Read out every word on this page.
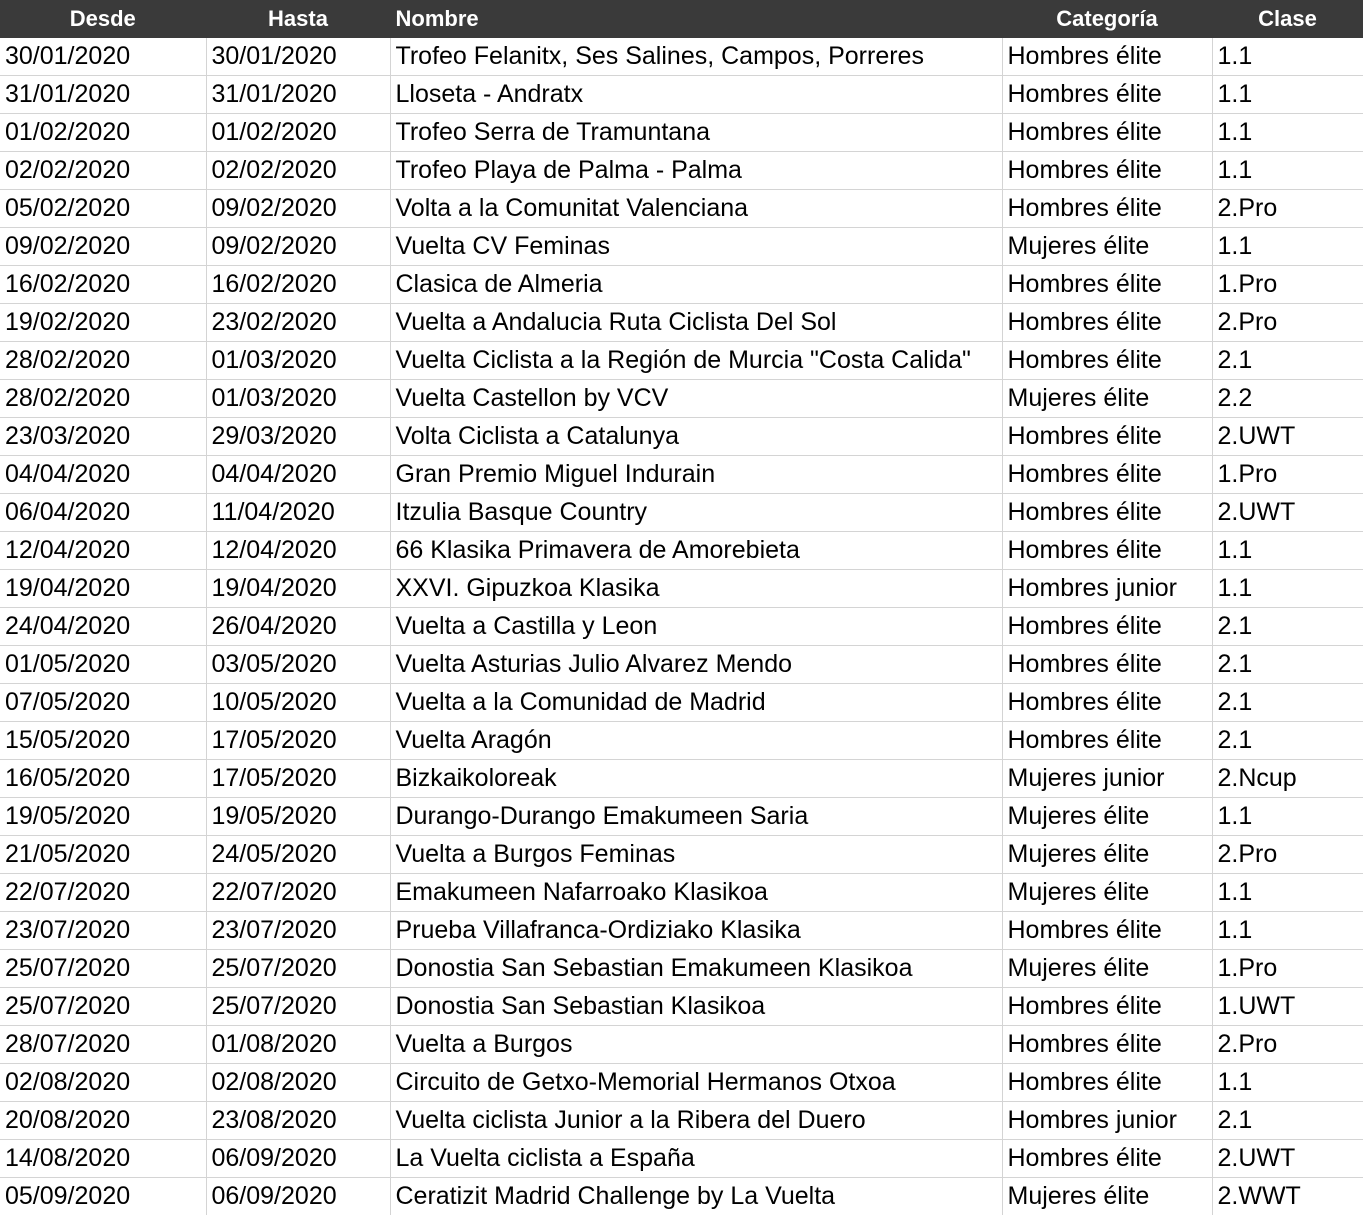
Desde	Hasta	Nombre	Categoría	Clase
30/01/2020	30/01/2020	Trofeo Felanitx, Ses Salines, Campos, Porreres	Hombres élite	1.1
31/01/2020	31/01/2020	Lloseta - Andratx	Hombres élite	1.1
01/02/2020	01/02/2020	Trofeo Serra de Tramuntana	Hombres élite	1.1
02/02/2020	02/02/2020	Trofeo Playa de Palma - Palma	Hombres élite	1.1
05/02/2020	09/02/2020	Volta a la Comunitat Valenciana	Hombres élite	2.Pro
09/02/2020	09/02/2020	Vuelta CV Feminas	Mujeres élite	1.1
16/02/2020	16/02/2020	Clasica de Almeria	Hombres élite	1.Pro
19/02/2020	23/02/2020	Vuelta a Andalucia Ruta Ciclista Del Sol	Hombres élite	2.Pro
28/02/2020	01/03/2020	Vuelta Ciclista a la Región de Murcia "Costa Calida"	Hombres élite	2.1
28/02/2020	01/03/2020	Vuelta Castellon by VCV	Mujeres élite	2.2
23/03/2020	29/03/2020	Volta Ciclista a Catalunya	Hombres élite	2.UWT
04/04/2020	04/04/2020	Gran Premio Miguel Indurain	Hombres élite	1.Pro
06/04/2020	11/04/2020	Itzulia Basque Country	Hombres élite	2.UWT
12/04/2020	12/04/2020	66 Klasika Primavera de Amorebieta	Hombres élite	1.1
19/04/2020	19/04/2020	XXVI. Gipuzkoa Klasika	Hombres junior	1.1
24/04/2020	26/04/2020	Vuelta a Castilla y Leon	Hombres élite	2.1
01/05/2020	03/05/2020	Vuelta Asturias Julio Alvarez Mendo	Hombres élite	2.1
07/05/2020	10/05/2020	Vuelta a la Comunidad de Madrid	Hombres élite	2.1
15/05/2020	17/05/2020	Vuelta Aragón	Hombres élite	2.1
16/05/2020	17/05/2020	Bizkaikoloreak	Mujeres junior	2.Ncup
19/05/2020	19/05/2020	Durango-Durango Emakumeen Saria	Mujeres élite	1.1
21/05/2020	24/05/2020	Vuelta a Burgos Feminas	Mujeres élite	2.Pro
22/07/2020	22/07/2020	Emakumeen Nafarroako Klasikoa	Mujeres élite	1.1
23/07/2020	23/07/2020	Prueba Villafranca-Ordiziako Klasika	Hombres élite	1.1
25/07/2020	25/07/2020	Donostia San Sebastian Emakumeen Klasikoa	Mujeres élite	1.Pro
25/07/2020	25/07/2020	Donostia San Sebastian Klasikoa	Hombres élite	1.UWT
28/07/2020	01/08/2020	Vuelta a Burgos	Hombres élite	2.Pro
02/08/2020	02/08/2020	Circuito de Getxo-Memorial Hermanos Otxoa	Hombres élite	1.1
20/08/2020	23/08/2020	Vuelta ciclista Junior a la Ribera del Duero	Hombres junior	2.1
14/08/2020	06/09/2020	La Vuelta ciclista a España	Hombres élite	2.UWT
05/09/2020	06/09/2020	Ceratizit Madrid Challenge by La Vuelta	Mujeres élite	2.WWT
